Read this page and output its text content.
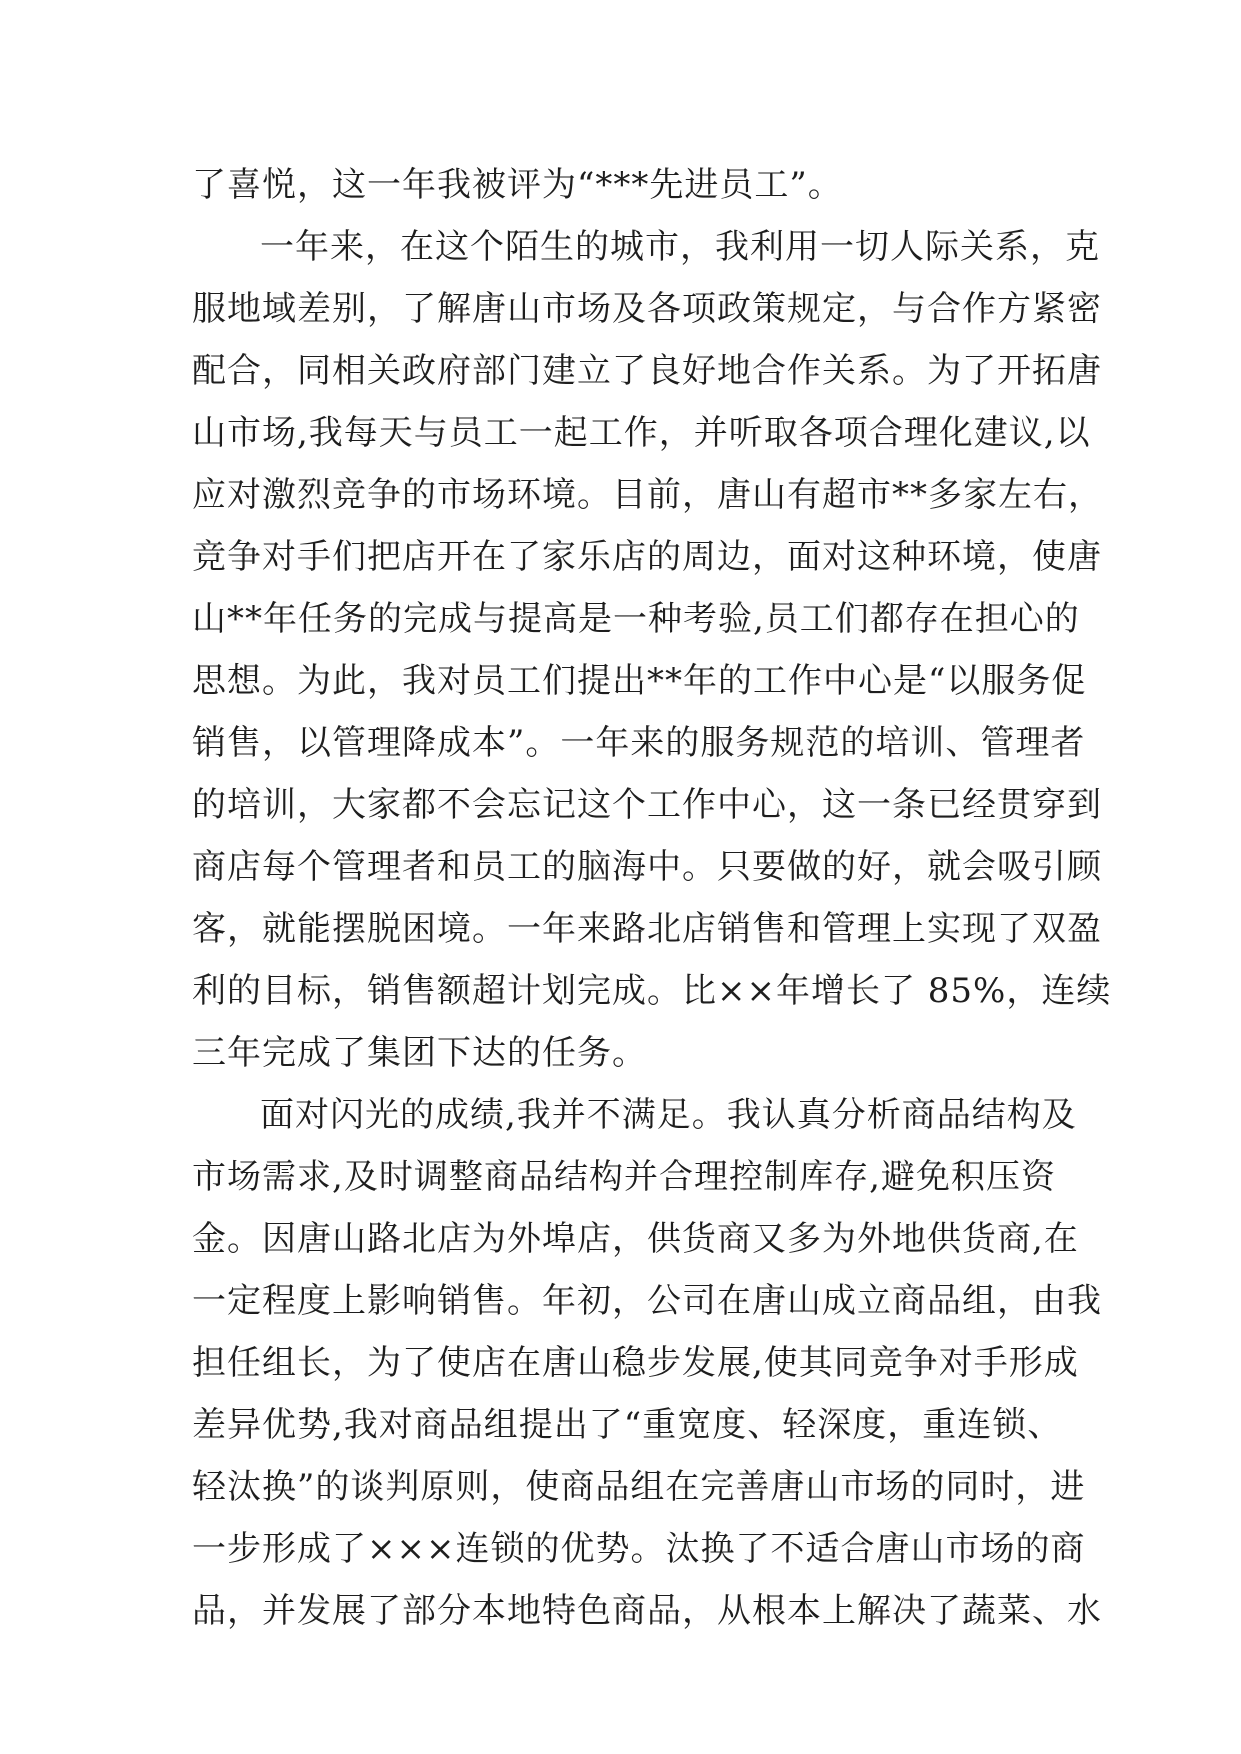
了喜悦，这一年我被评为“***先进员工”。
一年来，在这个陌生的城市，我利用一切人际关系，克
服地域差别，了解唐山市场及各项政策规定，与合作方紧密
配合，同相关政府部门建立了良好地合作关系。为了开拓唐
山市场,我每天与员工一起工作，并听取各项合理化建议,以
应对激烈竞争的市场环境。目前，唐山有超市**多家左右，
竞争对手们把店开在了家乐店的周边，面对这种环境，使唐
山**年任务的完成与提高是一种考验,员工们都存在担心的
思想。为此，我对员工们提出**年的工作中心是“以服务促
销售，以管理降成本”。一年来的服务规范的培训、管理者
的培训，大家都不会忘记这个工作中心，这一条已经贯穿到
商店每个管理者和员工的脑海中。只要做的好，就会吸引顾
客，就能摆脱困境。一年来路北店销售和管理上实现了双盈
利的目标，销售额超计划完成。比××年增长了 85%，连续
三年完成了集团下达的任务。
面对闪光的成绩,我并不满足。我认真分析商品结构及
市场需求,及时调整商品结构并合理控制库存,避免积压资
金。因唐山路北店为外埠店，供货商又多为外地供货商,在
一定程度上影响销售。年初，公司在唐山成立商品组，由我
担任组长，为了使店在唐山稳步发展,使其同竞争对手形成
差异优势,我对商品组提出了“重宽度、轻深度，重连锁、
轻汰换”的谈判原则，使商品组在完善唐山市场的同时，进
一步形成了×××连锁的优势。汰换了不适合唐山市场的商
品，并发展了部分本地特色商品，从根本上解决了蔬菜、水
